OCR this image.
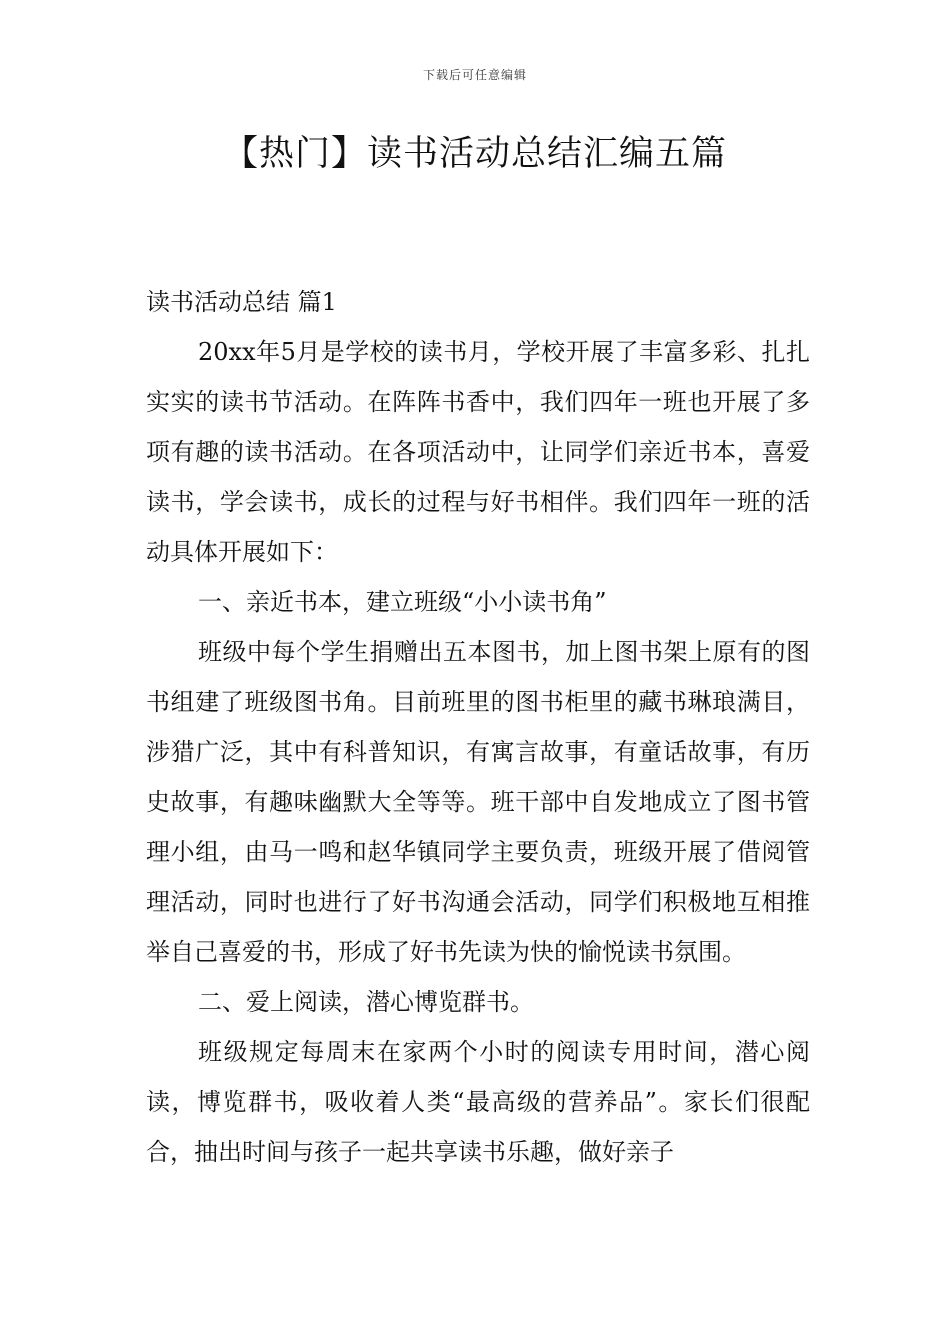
下载后可任意编辑
【热门】读书活动总结汇编五篇

读书活动总结 篇1

20xx年5月是学校的读书月，学校开展了丰富多彩、扎扎实实的读书节活动。在阵阵书香中，我们四年一班也开展了多项有趣的读书活动。在各项活动中，让同学们亲近书本，喜爱读书，学会读书，成长的过程与好书相伴。我们四年一班的活动具体开展如下：

一、亲近书本，建立班级“小小读书角”

班级中每个学生捐赠出五本图书，加上图书架上原有的图书组建了班级图书角。目前班里的图书柜里的藏书琳琅满目，涉猎广泛，其中有科普知识，有寓言故事，有童话故事，有历史故事，有趣味幽默大全等等。班干部中自发地成立了图书管理小组，由马一鸣和赵华镇同学主要负责，班级开展了借阅管理活动，同时也进行了好书沟通会活动，同学们积极地互相推举自己喜爱的书，形成了好书先读为快的愉悦读书氛围。

二、爱上阅读，潜心博览群书。

班级规定每周末在家两个小时的阅读专用时间，潜心阅读，博览群书，吸收着人类“最高级的营养品”。家长们很配合，抽出时间与孩子一起共享读书乐趣，做好亲子
